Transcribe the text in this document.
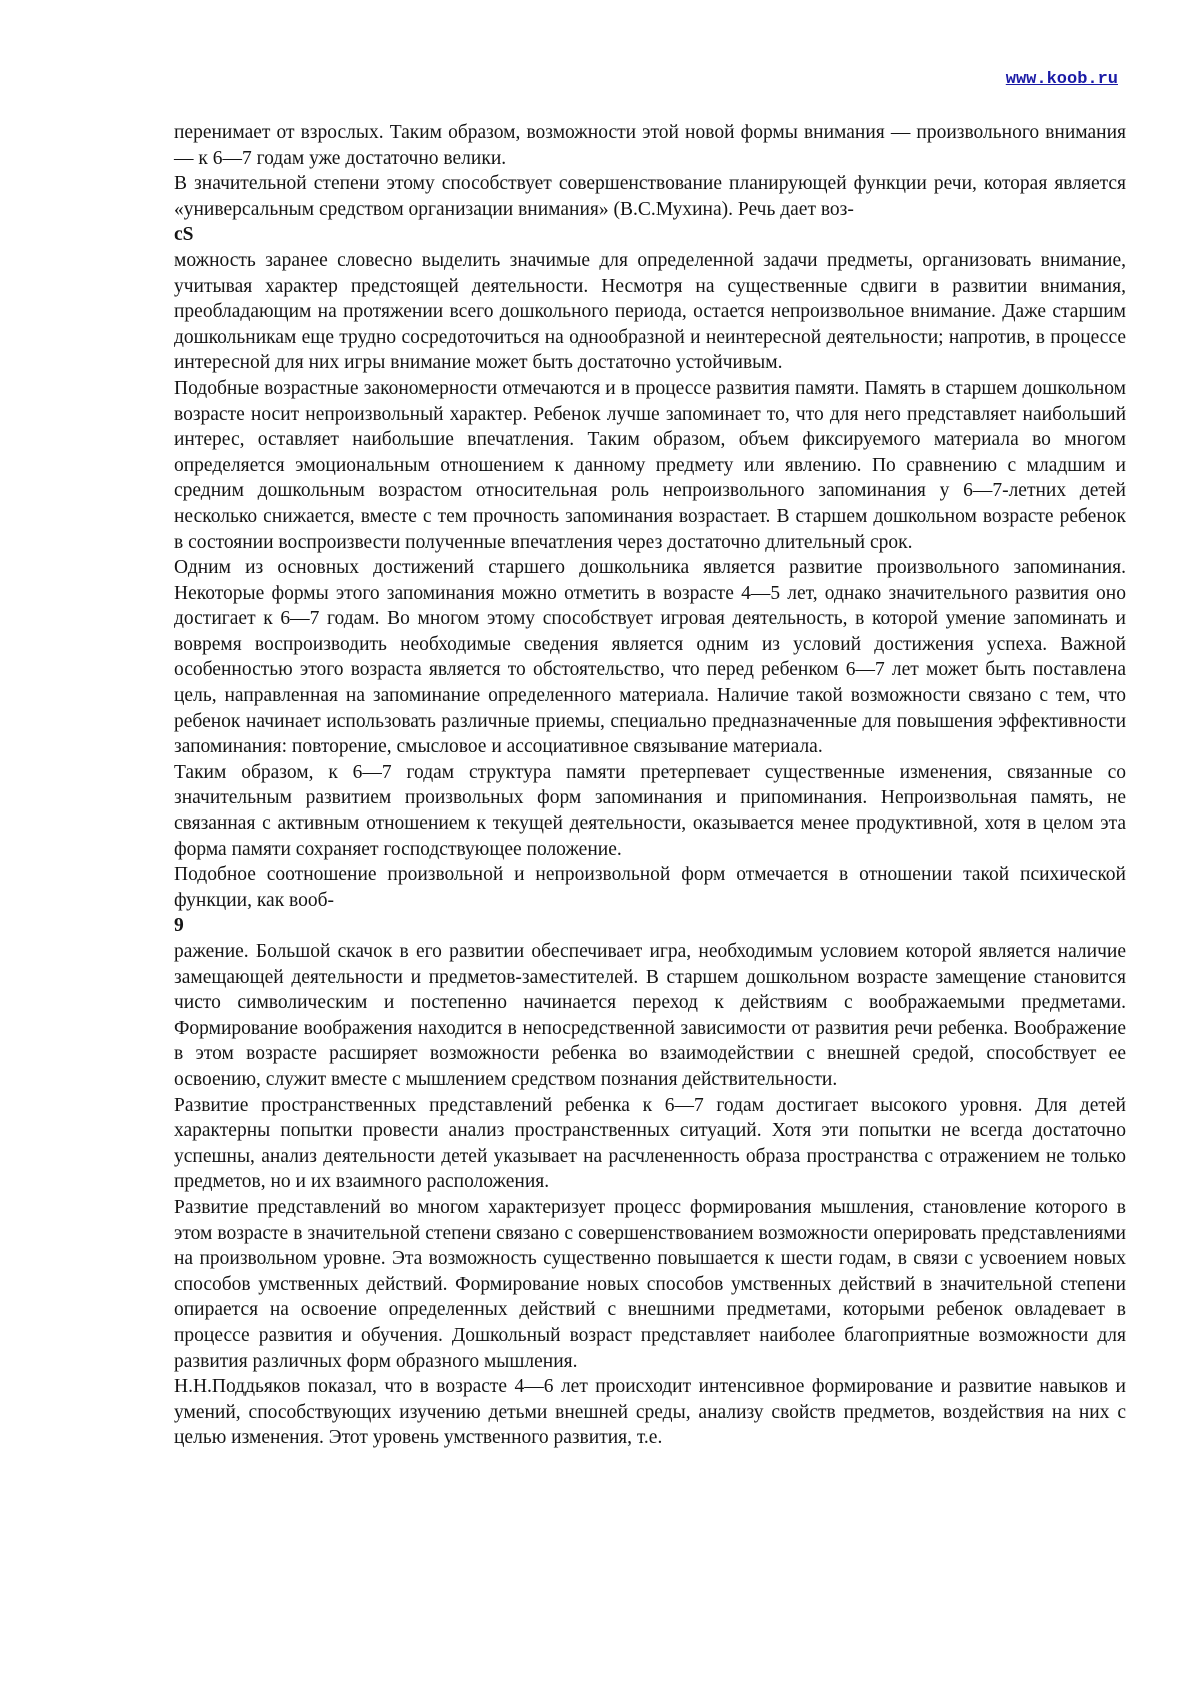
www.koob.ru

перенимает от взрослых. Таким образом, возможности этой новой формы внимания — произвольного внимания — к 6—7 годам уже достаточно велики.

В значительной степени этому способствует совершенствование планирующей функции речи, которая является «универсальным средством организации внимания» (В.С.Мухина). Речь дает воз-

cS

можность заранее словесно выделить значимые для определенной задачи предметы, организовать внимание, учитывая характер предстоящей деятельности. Несмотря на существенные сдвиги в развитии внимания, преобладающим на протяжении всего дошкольного периода, остается непроизвольное внимание. Даже старшим дошкольникам еще трудно сосредоточиться на однообразной и неинтересной деятельности; напротив, в процессе интересной для них игры внимание может быть достаточно устойчивым.

Подобные возрастные закономерности отмечаются и в процессе развития памяти. Память в старшем дошкольном возрасте носит непроизвольный характер. Ребенок лучше запоминает то, что для него представляет наибольший интерес, оставляет наибольшие впечатления. Таким образом, объем фиксируемого материала во многом определяется эмоциональным отношением к данному предмету или явлению. По сравнению с младшим и средним дошкольным возрастом относительная роль непроизвольного запоминания у 6—7-летних детей несколько снижается, вместе с тем прочность запоминания возрастает. В старшем дошкольном возрасте ребенок в состоянии воспроизвести полученные впечатления через достаточно длительный срок.

Одним из основных достижений старшего дошкольника является развитие произвольного запоминания. Некоторые формы этого запоминания можно отметить в возрасте 4—5 лет, однако значительного развития оно достигает к 6—7 годам. Во многом этому способствует игровая деятельность, в которой умение запоминать и вовремя воспроизводить необходимые сведения является одним из условий достижения успеха. Важной особенностью этого возраста является то обстоятельство, что перед ребенком 6—7 лет может быть поставлена цель, направленная на запоминание определенного материала. Наличие такой возможности связано с тем, что ребенок начинает использовать различные приемы, специально предназначенные для повышения эффективности запоминания: повторение, смысловое и ассоциативное связывание материала.

Таким образом, к 6—7 годам структура памяти претерпевает существенные изменения, связанные со значительным развитием произвольных форм запоминания и припоминания. Непроизвольная память, не связанная с активным отношением к текущей деятельности, оказывается менее продуктивной, хотя в целом эта форма памяти сохраняет господствующее положение.

Подобное соотношение произвольной и непроизвольной форм отмечается в отношении такой психической функции, как вооб-

9

ражение. Большой скачок в его развитии обеспечивает игра, необходимым условием которой является наличие замещающей деятельности и предметов-заместителей. В старшем дошкольном возрасте замещение становится чисто символическим и постепенно начинается переход к действиям с воображаемыми предметами. Формирование воображения находится в непосредственной зависимости от развития речи ребенка. Воображение в этом возрасте расширяет возможности ребенка во взаимодействии с внешней средой, способствует ее освоению, служит вместе с мышлением средством познания действительности.

Развитие пространственных представлений ребенка к 6—7 годам достигает высокого уровня. Для детей характерны попытки провести анализ пространственных ситуаций. Хотя эти попытки не всегда достаточно успешны, анализ деятельности детей указывает на расчлененность образа пространства с отражением не только предметов, но и их взаимного расположения.

Развитие представлений во многом характеризует процесс формирования мышления, становление которого в этом возрасте в значительной степени связано с совершенствованием возможности оперировать представлениями на произвольном уровне. Эта возможность существенно повышается к шести годам, в связи с усвоением новых способов умственных действий. Формирование новых способов умственных действий в значительной степени опирается на освоение определенных действий с внешними предметами, которыми ребенок овладевает в процессе развития и обучения. Дошкольный возраст представляет наиболее благоприятные возможности для развития различных форм образного мышления.

Н.Н.Поддьяков показал, что в возрасте 4—6 лет происходит интенсивное формирование и развитие навыков и умений, способствующих изучению детьми внешней среды, анализу свойств предметов, воздействия на них с целью изменения. Этот уровень умственного развития, т.е.
